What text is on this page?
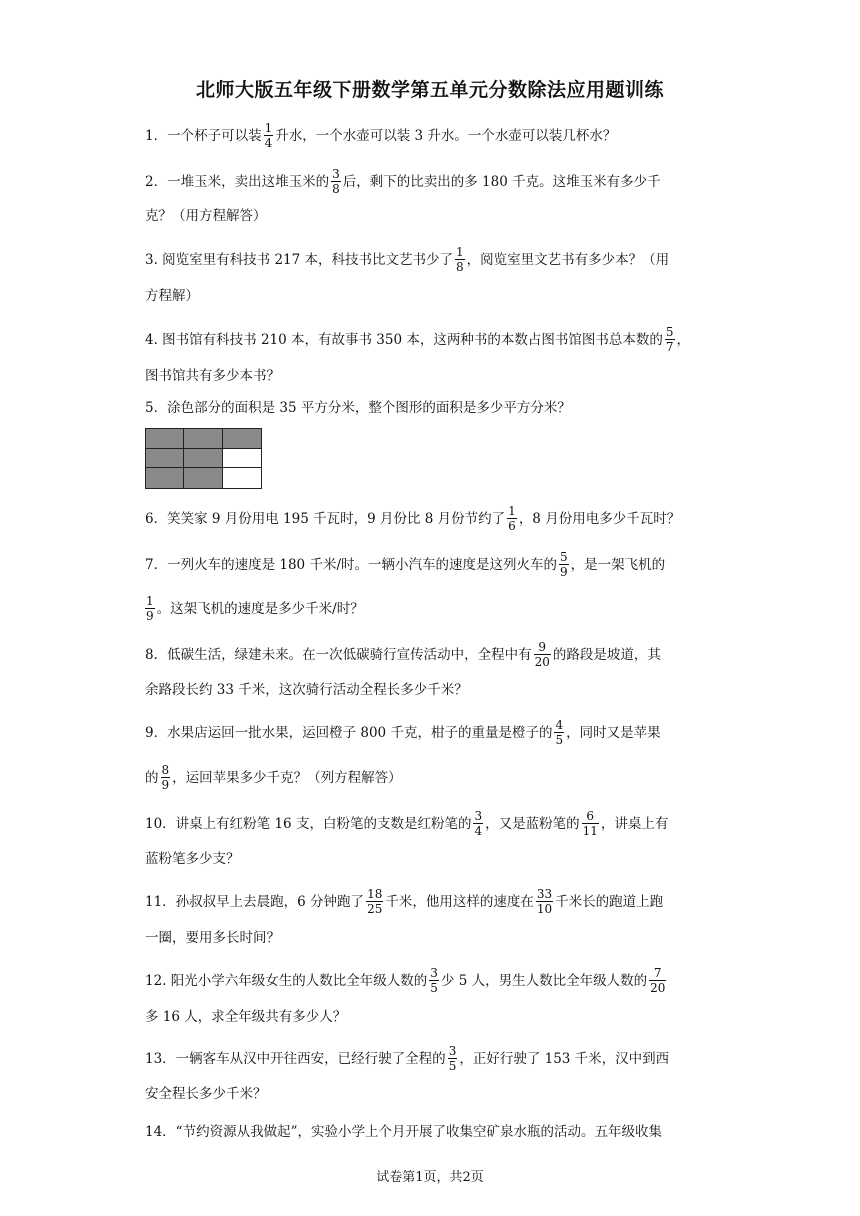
北师大版五年级下册数学第五单元分数除法应用题训练
1．一个杯子可以装 $\frac{1}{4}$ 升水，一个水壶可以装 3 升水。一个水壶可以装几杯水？
2．一堆玉米，卖出这堆玉米的 $\frac{3}{8}$ 后，剩下的比卖出的多 180 千克。这堆玉米有多少千
克？（用方程解答）
3. 阅览室里有科技书 217 本，科技书比文艺书少了 $\frac{1}{8}$ ，阅览室里文艺书有多少本？（用
方程解）
4. 图书馆有科技书 210 本，有故事书 350 本，这两种书的本数占图书馆图书总本数的 $\frac{5}{7}$ ，
图书馆共有多少本书？
5．涂色部分的面积是 35 平方分米，整个图形的面积是多少平方分米？
6．笑笑家 9 月份用电 195 千瓦时，9 月份比 8 月份节约了 $\frac{1}{6}$ ，8 月份用电多少千瓦时？
7．一列火车的速度是 180 千米/时。一辆小汽车的速度是这列火车的 $\frac{5}{9}$ ，是一架飞机的
$\frac{1}{9}$ 。这架飞机的速度是多少千米/时？
8．低碳生活，绿建未来。在一次低碳骑行宣传活动中，全程中有 $\frac{9}{20}$ 的路段是坡道，其
余路段长约 33 千米，这次骑行活动全程长多少千米？
9．水果店运回一批水果，运回橙子 800 千克，柑子的重量是橙子的 $\frac{4}{5}$ ，同时又是苹果
的 $\frac{8}{9}$ ，运回苹果多少千克？（列方程解答）
10．讲桌上有红粉笔 16 支，白粉笔的支数是红粉笔的 $\frac{3}{4}$ ，又是蓝粉笔的 $\frac{6}{11}$ ，讲桌上有
蓝粉笔多少支？
11．孙叔叔早上去晨跑，6 分钟跑了 $\frac{18}{25}$ 千米，他用这样的速度在 $\frac{33}{10}$ 千米长的跑道上跑
一圈，要用多长时间？
12. 阳光小学六年级女生的人数比全年级人数的 $\frac{3}{5}$ 少 5 人，男生人数比全年级人数的 $\frac{7}{20}$
多 16 人，求全年级共有多少人？
13．一辆客车从汉中开往西安，已经行驶了全程的 $\frac{3}{5}$ ，正好行驶了 153 千米，汉中到西
安全程长多少千米？
14．“节约资源从我做起”，实验小学上个月开展了收集空矿泉水瓶的活动。五年级收集
试卷第1页，共2页
